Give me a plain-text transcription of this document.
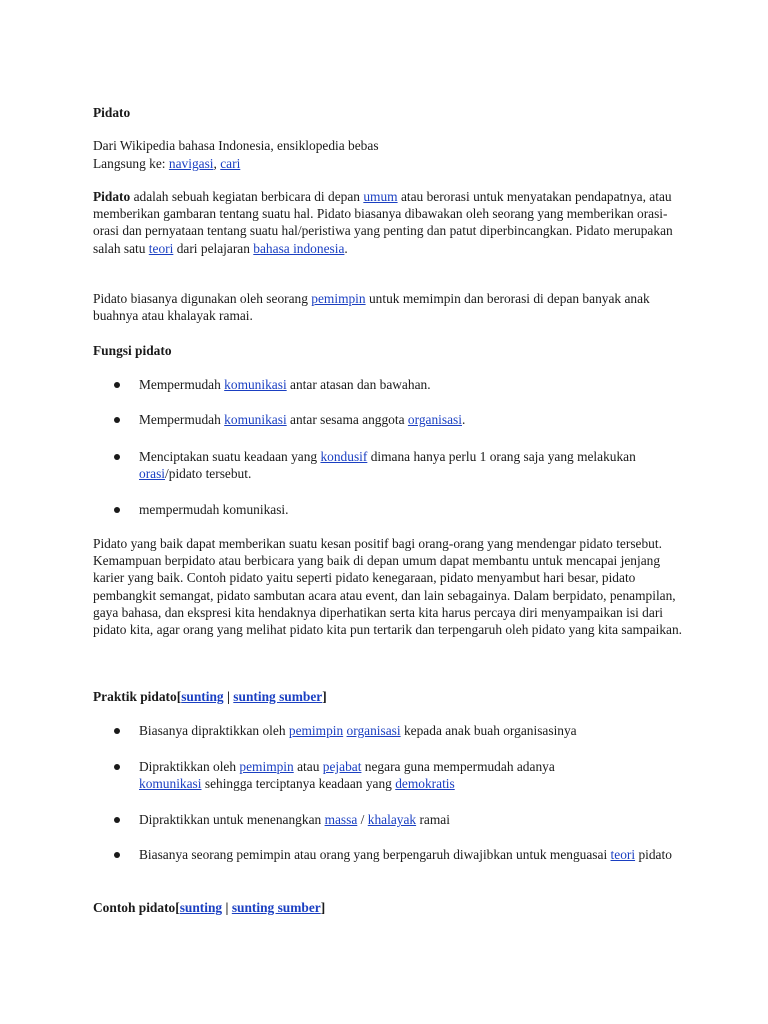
Pidato
Dari Wikipedia bahasa Indonesia, ensiklopedia bebas
Langsung ke: navigasi, cari
Pidato adalah sebuah kegiatan berbicara di depan umum atau berorasi untuk menyatakan pendapatnya, atau memberikan gambaran tentang suatu hal. Pidato biasanya dibawakan oleh seorang yang memberikan orasi-orasi dan pernyataan tentang suatu hal/peristiwa yang penting dan patut diperbincangkan. Pidato merupakan salah satu teori dari pelajaran bahasa indonesia.
Pidato biasanya digunakan oleh seorang pemimpin untuk memimpin dan berorasi di depan banyak anak buahnya atau khalayak ramai.
Fungsi pidato
Mempermudah komunikasi antar atasan dan bawahan.
Mempermudah komunikasi antar sesama anggota organisasi.
Menciptakan suatu keadaan yang kondusif dimana hanya perlu 1 orang saja yang melakukan orasi/pidato tersebut.
mempermudah komunikasi.
Pidato yang baik dapat memberikan suatu kesan positif bagi orang-orang yang mendengar pidato tersebut. Kemampuan berpidato atau berbicara yang baik di depan umum dapat membantu untuk mencapai jenjang karier yang baik. Contoh pidato yaitu seperti pidato kenegaraan, pidato menyambut hari besar, pidato pembangkit semangat, pidato sambutan acara atau event, dan lain sebagainya. Dalam berpidato, penampilan, gaya bahasa, dan ekspresi kita hendaknya diperhatikan serta kita harus percaya diri menyampaikan isi dari pidato kita, agar orang yang melihat pidato kita pun tertarik dan terpengaruh oleh pidato yang kita sampaikan.
Praktik pidato[sunting | sunting sumber]
Biasanya dipraktikkan oleh pemimpin organisasi kepada anak buah organisasinya
Dipraktikkan oleh pemimpin atau pejabat negara guna mempermudah adanya komunikasi sehingga terciptanya keadaan yang demokratis
Dipraktikkan untuk menenangkan massa / khalayak ramai
Biasanya seorang pemimpin atau orang yang berpengaruh diwajibkan untuk menguasai teori pidato
Contoh pidato[sunting | sunting sumber]
